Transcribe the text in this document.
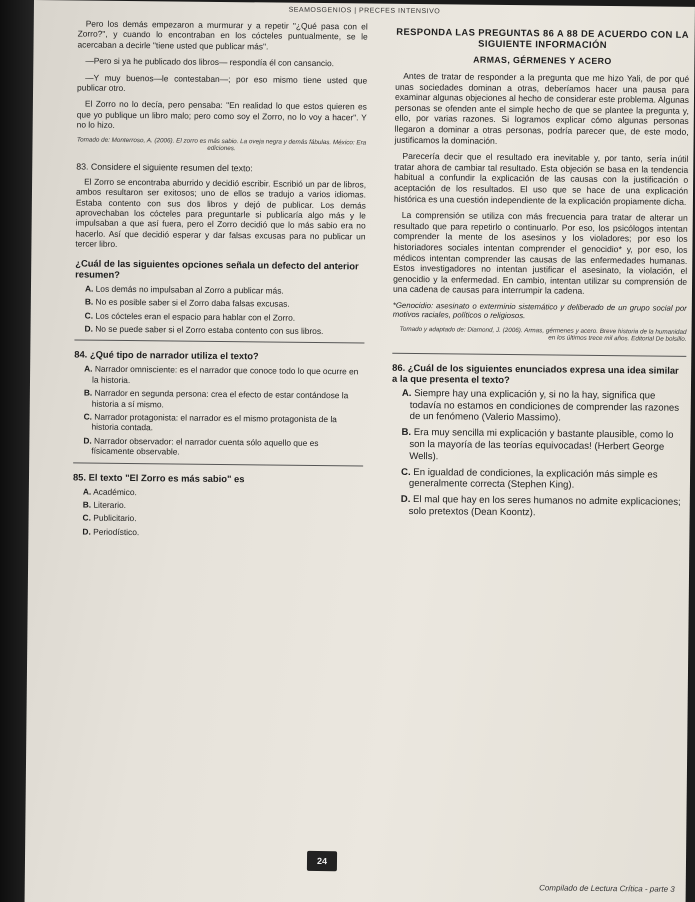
SEAMOSGENIOS | PRECFES INTENSIVO

Pero los demás empezaron a murmurar y a repetir "¿Qué pasa con el Zorro?", y cuando lo encontraban en los cócteles puntualmente, se le acercaban a decirle "tiene usted que publicar más".

—Pero si ya he publicado dos libros— respondía él con cansancio.

—Y muy buenos—le contestaban—; por eso mismo tiene usted que publicar otro.

El Zorro no lo decía, pero pensaba: "En realidad lo que estos quieren es que yo publique un libro malo; pero como soy el Zorro, no lo voy a hacer". Y no lo hizo.

Tomado de: Monterroso, A. (2006). El zorro es más sabio. La oveja negra y demás fábulas. México: Era ediciones.
83. Considere el siguiente resumen del texto:

El Zorro se encontraba aburrido y decidió escribir. Escribió un par de libros, ambos resultaron ser exitosos; uno de ellos se tradujo a varios idiomas. Estaba contento con sus dos libros y dejó de publicar. Los demás aprovechaban los cócteles para preguntarle si publicaría algo más y le impulsaban a que así fuera, pero el Zorro decidió que lo más sabio era no hacerlo. Así que decidió esperar y dar falsas excusas para no publicar un tercer libro.

¿Cuál de las siguientes opciones señala un defecto del anterior resumen?
A. Los demás no impulsaban al Zorro a publicar más.
B. No es posible saber si el Zorro daba falsas excusas.
C. Los cócteles eran el espacio para hablar con el Zorro.
D. No se puede saber si el Zorro estaba contento con sus libros.
84. ¿Qué tipo de narrador utiliza el texto?
A. Narrador omnisciente: es el narrador que conoce todo lo que ocurre en la historia.
B. Narrador en segunda persona: crea el efecto de estar contándose la historia a sí mismo.
C. Narrador protagonista: el narrador es el mismo protagonista de la historia contada.
D. Narrador observador: el narrador cuenta sólo aquello que es físicamente observable.
85. El texto "El Zorro es más sabio" es
A. Académico.
B. Literario.
C. Publicitario.
D. Periodístico.
RESPONDA LAS PREGUNTAS 86 A 88 DE ACUERDO CON LA SIGUIENTE INFORMACIÓN
ARMAS, GÉRMENES Y ACERO

Antes de tratar de responder a la pregunta que me hizo Yali, de por qué unas sociedades dominan a otras, deberíamos hacer una pausa para examinar algunas objeciones al hecho de considerar este problema. Algunas personas se ofenden ante el simple hecho de que se plantee la pregunta y, ello, por varias razones. Si logramos explicar cómo algunas personas llegaron a dominar a otras personas, podría parecer que, de este modo, justificamos la dominación.

Parecería decir que el resultado era inevitable y, por tanto, sería inútil tratar ahora de cambiar tal resultado. Esta objeción se basa en la tendencia habitual a confundir la explicación de las causas con la justificación o aceptación de los resultados. El uso que se hace de una explicación histórica es una cuestión independiente de la explicación propiamente dicha.

La comprensión se utiliza con más frecuencia para tratar de alterar un resultado que para repetirlo o continuarlo. Por eso, los psicólogos intentan comprender la mente de los asesinos y los violadores; por eso los historiadores sociales intentan comprender el genocidio* y, por eso, los médicos intentan comprender las causas de las enfermedades humanas. Estos investigadores no intentan justificar el asesinato, la violación, el genocidio y la enfermedad. En cambio, intentan utilizar su comprensión de una cadena de causas para interrumpir la cadena.

*Genocidio: asesinato o exterminio sistemático y deliberado de un grupo social por motivos raciales, políticos o religiosos.

Tomado y adaptado de: Diamond, J. (2006). Armas, gérmenes y acero. Breve historia de la humanidad en los últimos trece mil años. Editorial De bolsillo.
86. ¿Cuál de los siguientes enunciados expresa una idea similar a la que presenta el texto?
A. Siempre hay una explicación y, si no la hay, significa que todavía no estamos en condiciones de comprender las razones de un fenómeno (Valerio Massimo).
B. Era muy sencilla mi explicación y bastante plausible, como lo son la mayoría de las teorías equivocadas! (Herbert George Wells).
C. En igualdad de condiciones, la explicación más simple es generalmente correcta (Stephen King).
D. El mal que hay en los seres humanos no admite explicaciones; solo pretextos (Dean Koontz).
24
Compilado de Lectura Crítica - parte 3
